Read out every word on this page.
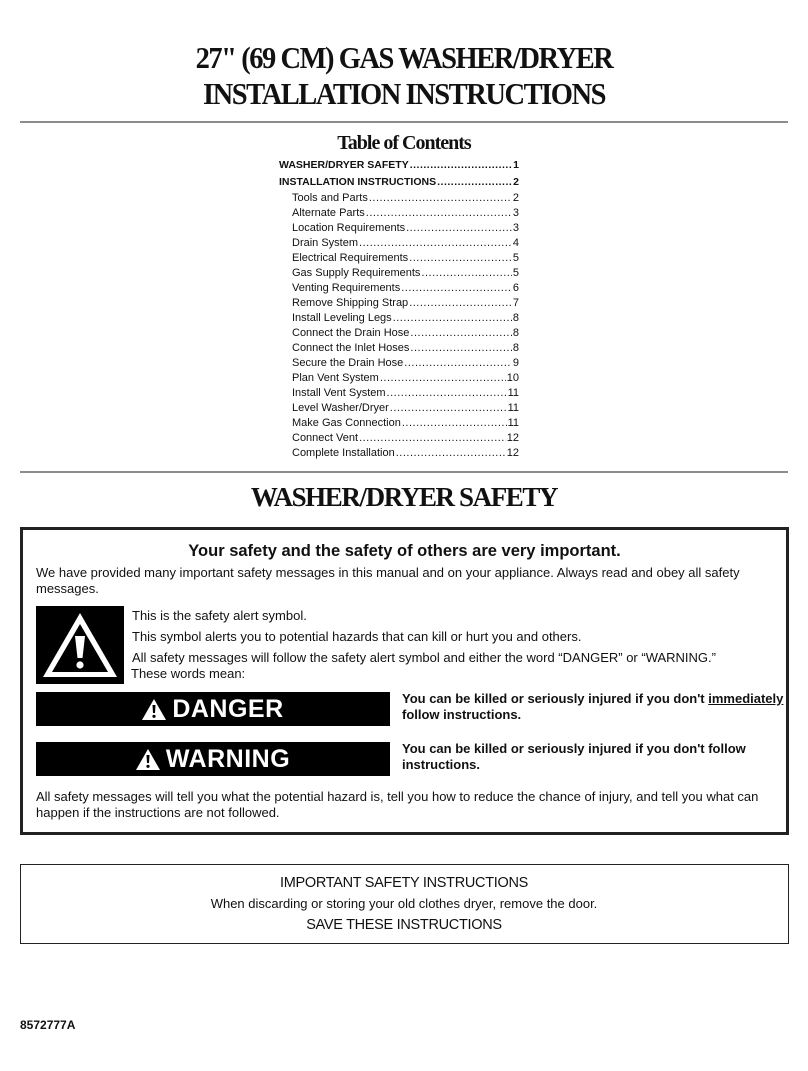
27" (69 CM) GAS WASHER/DRYER
INSTALLATION INSTRUCTIONS
Table of Contents
WASHER/DRYER SAFETY .....	1
INSTALLATION INSTRUCTIONS .....	2
Tools and Parts .....	2
Alternate Parts .....	3
Location Requirements .....	3
Drain System .....	4
Electrical Requirements .....	5
Gas Supply Requirements .....	5
Venting Requirements .....	6
Remove Shipping Strap .....	7
Install Leveling Legs .....	8
Connect the Drain Hose .....	8
Connect the Inlet Hoses .....	8
Secure the Drain Hose .....	9
Plan Vent System .....	10
Install Vent System .....	11
Level Washer/Dryer .....	11
Make Gas Connection .....	11
Connect Vent .....	12
Complete Installation .....	12
WASHER/DRYER SAFETY
Your safety and the safety of others are very important.
We have provided many important safety messages in this manual and on your appliance. Always read and obey all safety messages.
This is the safety alert symbol.
This symbol alerts you to potential hazards that can kill or hurt you and others.
All safety messages will follow the safety alert symbol and either the word “DANGER” or “WARNING.”
These words mean:
DANGER	You can be killed or seriously injured if you don't immediately
follow instructions.
WARNING	You can be killed or seriously injured if you don't follow
instructions.
All safety messages will tell you what the potential hazard is, tell you how to reduce the chance of injury, and tell you what can happen if the instructions are not followed.
IMPORTANT SAFETY INSTRUCTIONS
When discarding or storing your old clothes dryer, remove the door.
SAVE THESE INSTRUCTIONS
8572777A
